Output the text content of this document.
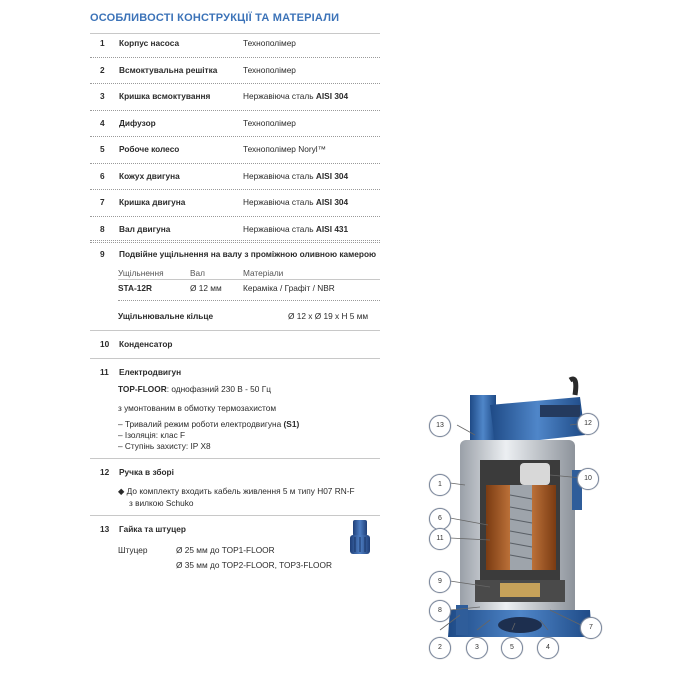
ОСОБЛИВОСТІ КОНСТРУКЦІЇ ТА МАТЕРІАЛИ
1 Корпус насоса	Технополімер
2 Всмоктувальна решітка	Технополімер
3 Кришка всмоктування	Нержавіюча сталь AISI 304
4 Дифузор	Технополімер
5 Робоче колесо	Технополімер Noryl™
6 Кожух двигуна	Нержавіюча сталь AISI 304
7 Кришка двигуна	Нержавіюча сталь AISI 304
8 Вал двигуна	Нержавіюча сталь AISI 431
9 Подвійне ущільнення на валу з проміжною оливною камерою
Ущільнення	Вал	Матеріали
STA-12R	Ø 12 мм	Кераміка / Графіт / NBR
Ущільнювальне кільце	Ø 12 x Ø 19 x H 5 мм
10 Конденсатор
11 Електродвигун
TOP-FLOOR: однофазний 230 В - 50 Гц
з умонтованим в обмотку термозахистом
– Тривалий режим роботи електродвигуна (S1)
– Ізоляція: клас F
– Ступінь захисту: IP X8
12 Ручка в зборі
◆ До комплекту входить кабель живлення 5 м типу H07 RN-F
з вилкою Schuko
13 Гайка та штуцер
Штуцер	Ø 25 мм до TOP1-FLOOR
Ø 35 мм до TOP2-FLOOR, TOP3-FLOOR
13	12
1
10
6
11
9
8
7
2	3	5	4
